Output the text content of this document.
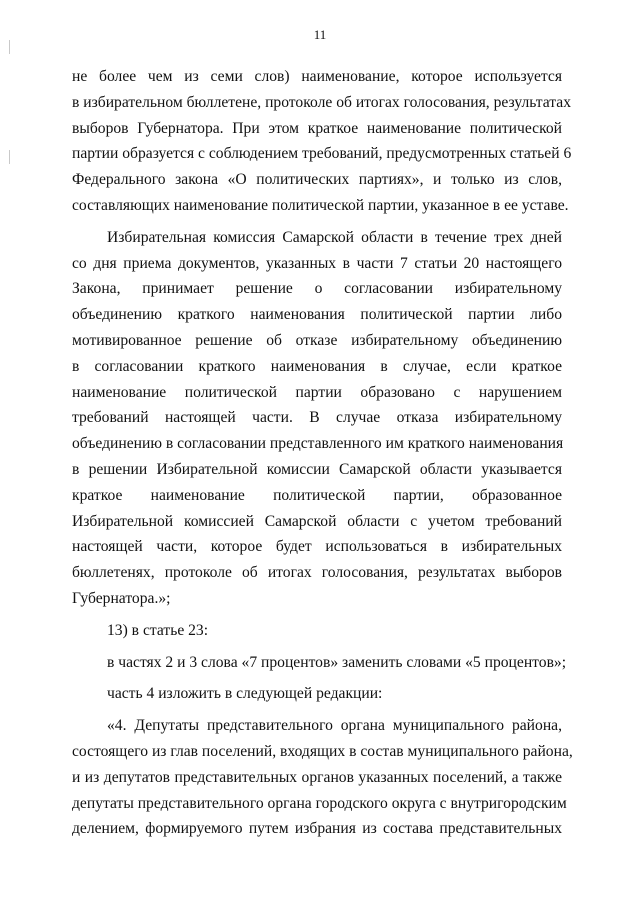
11
не более чем из семи слов) наименование, которое используется
в избирательном бюллетене, протоколе об итогах голосования, результатах
выборов Губернатора. При этом краткое наименование политической
партии образуется с соблюдением требований, предусмотренных статьей 6
Федерального закона «О политических партиях», и только из слов,
составляющих наименование политической партии, указанное в ее уставе.
Избирательная комиссия Самарской области в течение трех дней
со дня приема документов, указанных в части 7 статьи 20 настоящего
Закона, принимает решение о согласовании избирательному
объединению краткого наименования политической партии либо
мотивированное решение об отказе избирательному объединению
в согласовании краткого наименования в случае, если краткое
наименование политической партии образовано с нарушением
требований настоящей части. В случае отказа избирательному
объединению в согласовании представленного им краткого наименования
в решении Избирательной комиссии Самарской области указывается
краткое наименование политической партии, образованное
Избирательной комиссией Самарской области с учетом требований
настоящей части, которое будет использоваться в избирательных
бюллетенях, протоколе об итогах голосования, результатах выборов
Губернатора.»;
13) в статье 23:
в частях 2 и 3 слова «7 процентов» заменить словами «5 процентов»;
часть 4 изложить в следующей редакции:
«4. Депутаты представительного органа муниципального района,
состоящего из глав поселений, входящих в состав муниципального района,
и из депутатов представительных органов указанных поселений, а также
депутаты представительного органа городского округа с внутригородским
делением, формируемого путем избрания из состава представительных
